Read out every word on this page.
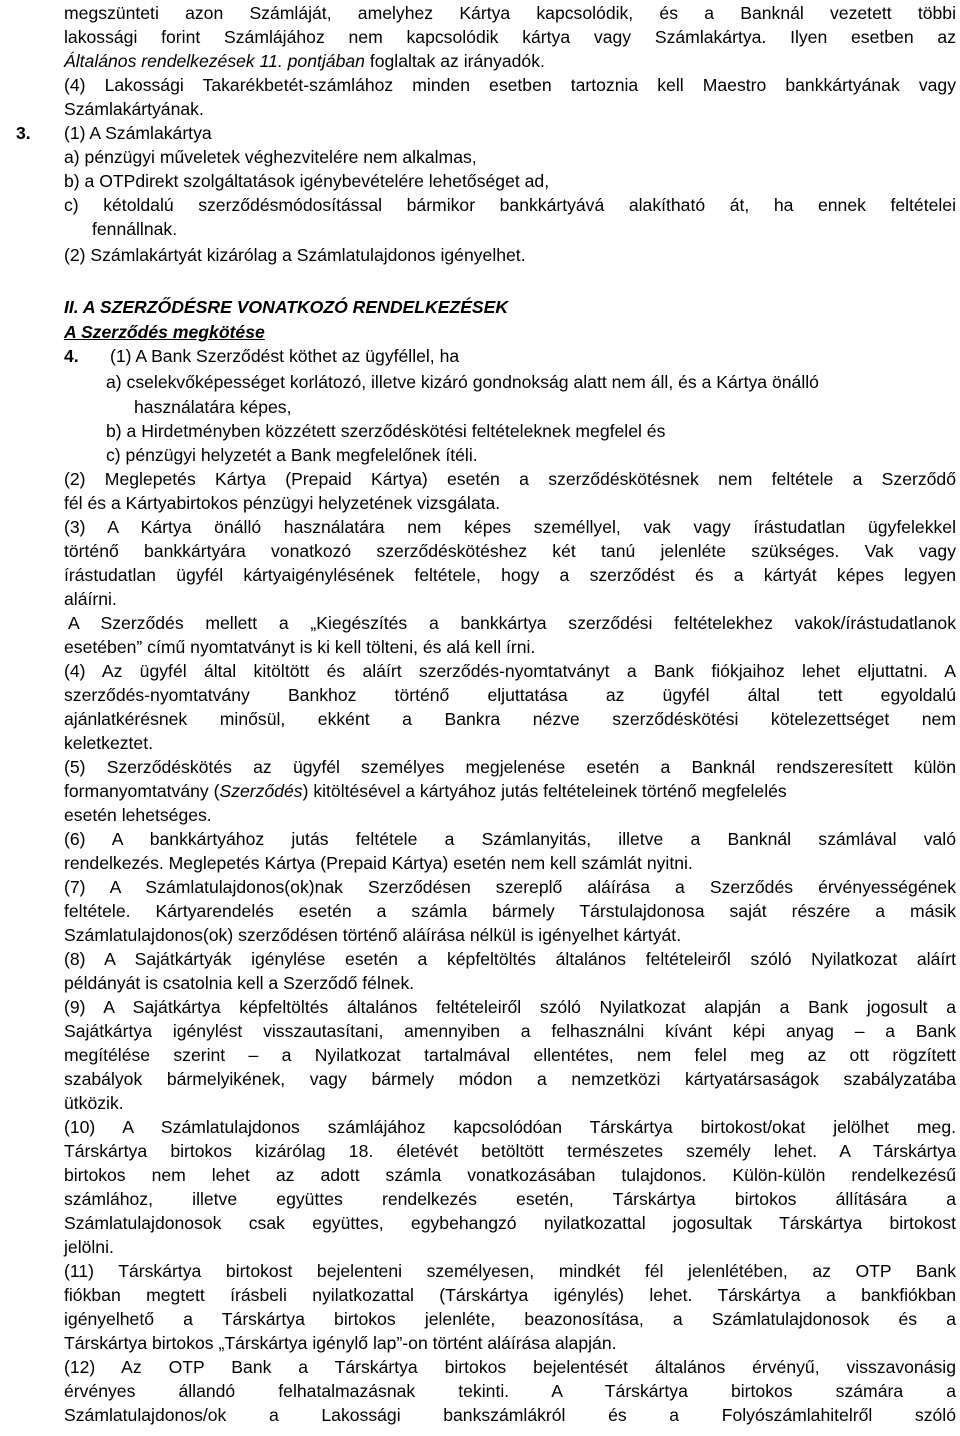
megszünteti azon Számláját, amelyhez Kártya kapcsolódik, és a Banknál vezetett többi
lakossági forint Számlájához nem kapcsolódik kártya vagy Számlakártya. Ilyen esetben az
Általános rendelkezések 11. pontjában foglaltak az irányadók.
(4) Lakossági Takarékbetét-számlához minden esetben tartoznia kell Maestro bankkártyának vagy
Számlakártyának.
3. (1) A Számlakártya
a) pénzügyi műveletek véghezvitelére nem alkalmas,
b) a OTPdirekt szolgáltatások igénybevételére lehetőséget ad,
c) kétoldalú szerződésmódosítással bármikor bankkártyává alakítható át, ha ennek feltételei
fennállnak.
(2) Számlakártyát kizárólag a Számlatulajdonos igényelhet.
II. A SZERZŐDÉSRE VONATKOZÓ RENDELKEZÉSEK
A Szerződés megkötése
4. (1) A Bank Szerződést köthet az ügyféllel, ha
a) cselekvőképességet korlátozó, illetve kizáró gondnokság alatt nem áll, és a Kártya önálló
használatára képes,
b) a Hirdetményben közzétett szerződéskötési feltételeknek megfelel és
c) pénzügyi helyzetét a Bank megfelelőnek ítéli.
(2) Meglepetés Kártya (Prepaid Kártya) esetén a szerződéskötésnek nem feltétele a Szerződő
fél és a Kártyabirtokos pénzügyi helyzetének vizsgálata.
(3) A Kártya önálló használatára nem képes személlyel, vak vagy írástudatlan ügyfelekkel
történő bankkártyára vonatkozó szerződéskötéshez két tanú jelenléte szükséges. Vak vagy
írástudatlan ügyfél kártyaigénylésének feltétele, hogy a szerződést és a kártyát képes legyen
aláírni.
A Szerződés mellett a „Kiegészítés a bankkártya szerződési feltételekhez vakok/írástudatlanok
esetében” című nyomtatványt is ki kell tölteni, és alá kell írni.
(4) Az ügyfél által kitöltött és aláírt szerződés-nyomtatványt a Bank fiókjaihoz lehet eljuttatni. A
szerződés-nyomtatvány Bankhoz történő eljuttatása az ügyfél által tett egyoldalú
ajánlatkérésnek minősül, ekként a Bankra nézve szerződéskötési kötelezettséget nem
keletkeztet.
(5) Szerződéskötés az ügyfél személyes megjelenése esetén a Banknál rendszeresített külön
formanyomtatvány (Szerződés) kitöltésével a kártyához jutás feltételeinek történő megfelelés
esetén lehetséges.
(6) A bankkártyához jutás feltétele a Számlanyitás, illetve a Banknál számlával való
rendelkezés. Meglepetés Kártya (Prepaid Kártya) esetén nem kell számlát nyitni.
(7) A Számlatulajdonos(ok)nak Szerződésen szereplő aláírása a Szerződés érvényességének
feltétele. Kártyarendelés esetén a számla bármely Társtulajdonosa saját részére a másik
Számlatulajdonos(ok) szerződésen történő aláírása nélkül is igényelhet kártyát.
(8) A Sajátkártyák igénylése esetén a képfeltöltés általános feltételeiről szóló Nyilatkozat aláírt
példányát is csatolnia kell a Szerződő félnek.
(9) A Sajátkártya képfeltöltés általános feltételeiről szóló Nyilatkozat alapján a Bank jogosult a
Sajátkártya igénylést visszautasítani, amennyiben a felhasználni kívánt képi anyag – a Bank
megítélése szerint – a Nyilatkozat tartalmával ellentétes, nem felel meg az ott rögzített
szabályok bármelyikének, vagy bármely módon a nemzetközi kártyatársaságok szabályzatába
ütközik.
(10) A Számlatulajdonos számlájához kapcsolódóan Társkártya birtokost/okat jelölhet meg.
Társkártya birtokos kizárólag 18. életévét betöltött természetes személy lehet. A Társkártya
birtokos nem lehet az adott számla vonatkozásában tulajdonos. Külön-külön rendelkezésű
számlához, illetve együttes rendelkezés esetén, Társkártya birtokos állítására a
Számlatulajdonosok csak együttes, egybehangzó nyilatkozattal jogosultak Társkártya birtokost
jelölni.
(11) Társkártya birtokost bejelenteni személyesen, mindkét fél jelenlétében, az OTP Bank
fiókban megtett írásbeli nyilatkozattal (Társkártya igénylés) lehet. Társkártya a bankfiókban
igényelhető a Társkártya birtokos jelenléte, beazonosítása, a Számlatulajdonosok és a
Társkártya birtokos „Társkártya igénylő lap”-on történt aláírása alapján.
(12) Az OTP Bank a Társkártya birtokos bejelentését általános érvényű, visszavonásig
érvényes állandó felhatalmazásnak tekinti. A Társkártya birtokos számára a
Számlatulajdonos/ok a Lakossági bankszámlákról és a Folyószámlahitelről szóló
